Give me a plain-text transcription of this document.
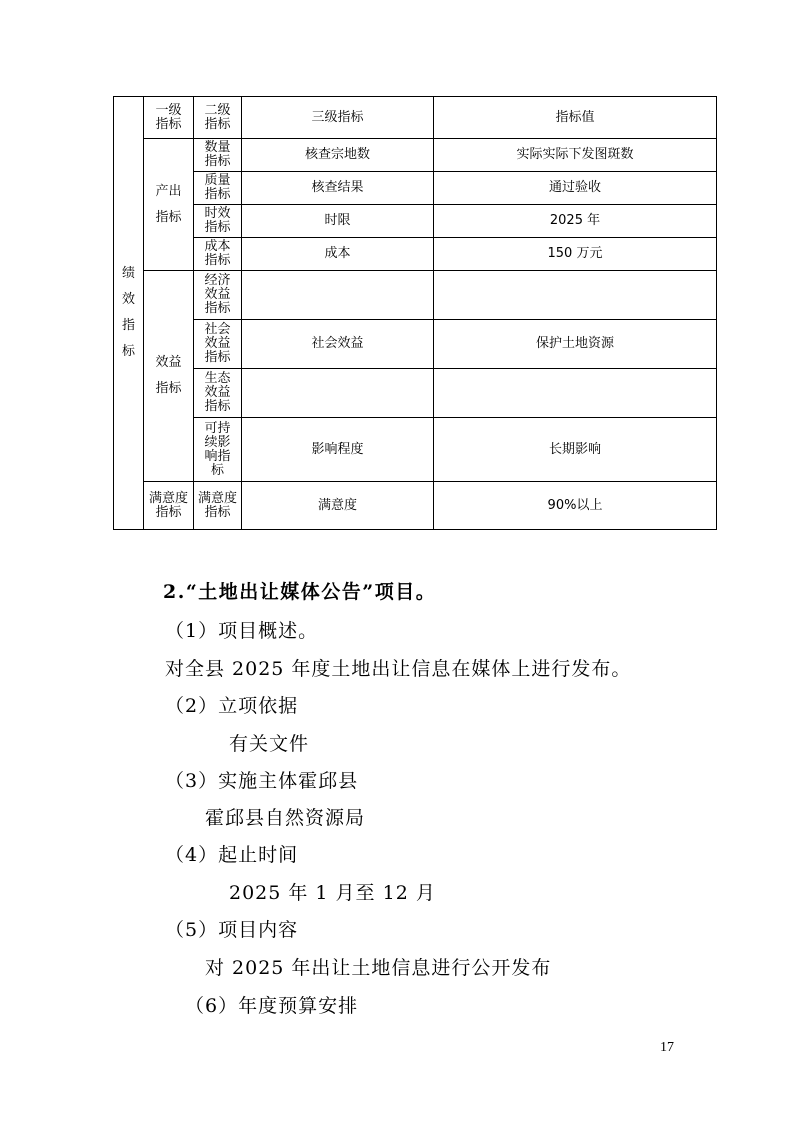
绩效指标	一级指标	二级指标	三级指标	指标值

	产出指标	数量指标	核查宗地数	实际实际下发图斑数

		质量指标	核查结果	通过验收

		时效指标	时限	2025 年

		成本指标	成本	150 万元

	效益指标	经济效益指标		

		社会效益指标	社会效益	保护土地资源

		生态效益指标		

		可持续影响指标	影响程度	长期影响

	满意度指标	满意度指标	满意度	90%以上
2.“土地出让媒体公告”项目。
（1）项目概述。
对全县 2025 年度土地出让信息在媒体上进行发布。
（2）立项依据
有关文件
（3）实施主体霍邱县
霍邱县自然资源局
（4）起止时间
2025 年 1 月至 12 月
（5）项目内容
对 2025 年出让土地信息进行公开发布
（6）年度预算安排
17
